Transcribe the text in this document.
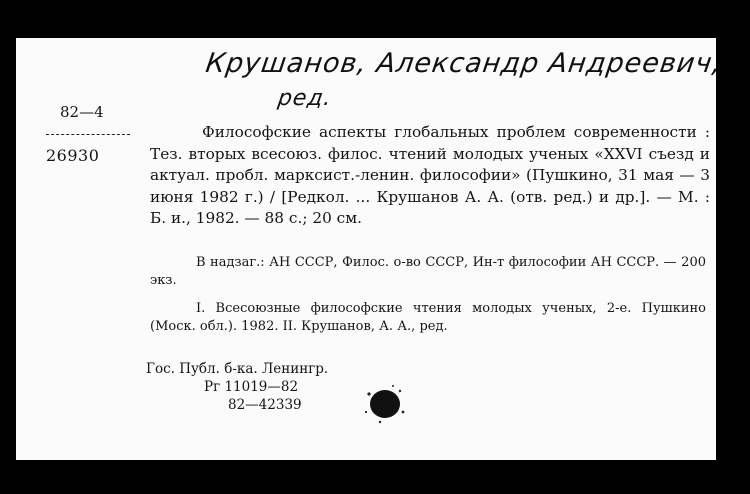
Крушанов, Александр Андреевич,
ред.
82—4
26930
Философские аспекты глобальных проблем современности : Тез. вторых всесоюз. филос. чтений молодых ученых «XXVI съезд и актуал. пробл. марксист.-ленин. философии» (Пушкино, 31 мая — 3 июня 1982 г.) / [Редкол. ... Крушанов А. А. (отв. ред.) и др.]. — М. : Б. и., 1982. — 88 с.; 20 см.
В надзаг.: АН СССР, Филос. о-во СССР, Ин-т философии АН СССР. — 200 экз.
I. Всесоюзные философские чтения молодых ученых, 2-е. Пушкино (Моск. обл.). 1982. II. Крушанов, А. А., ред.
Гос. Публ. б-ка. Ленингр.
Рг 11019—82
82—42339
